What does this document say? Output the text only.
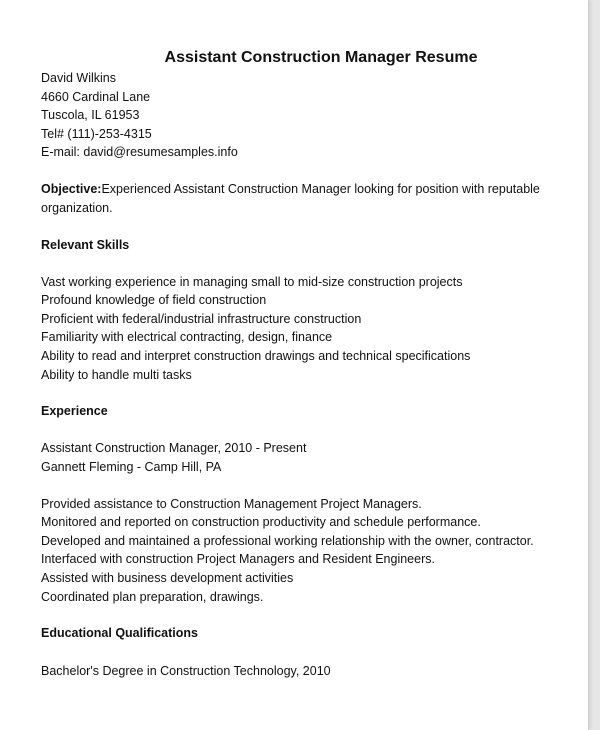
Assistant Construction Manager Resume
David Wilkins
4660 Cardinal Lane
Tuscola, IL 61953
Tel# (111)-253-4315
E-mail: david@resumesamples.info
Objective:Experienced Assistant Construction Manager looking for position with reputable
organization.
Relevant Skills
Vast working experience in managing small to mid-size construction projects
Profound knowledge of field construction
Proficient with federal/industrial infrastructure construction
Familiarity with electrical contracting, design, finance
Ability to read and interpret construction drawings and technical specifications
Ability to handle multi tasks
Experience
Assistant Construction Manager, 2010 - Present
Gannett Fleming - Camp Hill, PA
Provided assistance to Construction Management Project Managers.
Monitored and reported on construction productivity and schedule performance.
Developed and maintained a professional working relationship with the owner, contractor.
Interfaced with construction Project Managers and Resident Engineers.
Assisted with business development activities
Coordinated plan preparation, drawings.
Educational Qualifications
Bachelor's Degree in Construction Technology, 2010
